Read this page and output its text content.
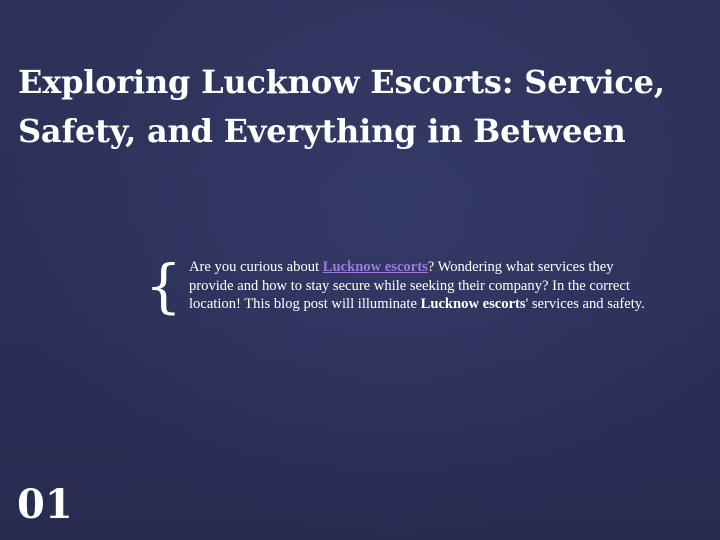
Exploring Lucknow Escorts: Service, Safety, and Everything in Between
{ Are you curious about Lucknow escorts? Wondering what services they provide and how to stay secure while seeking their company? In the correct location! This blog post will illuminate Lucknow escorts' services and safety.

01
